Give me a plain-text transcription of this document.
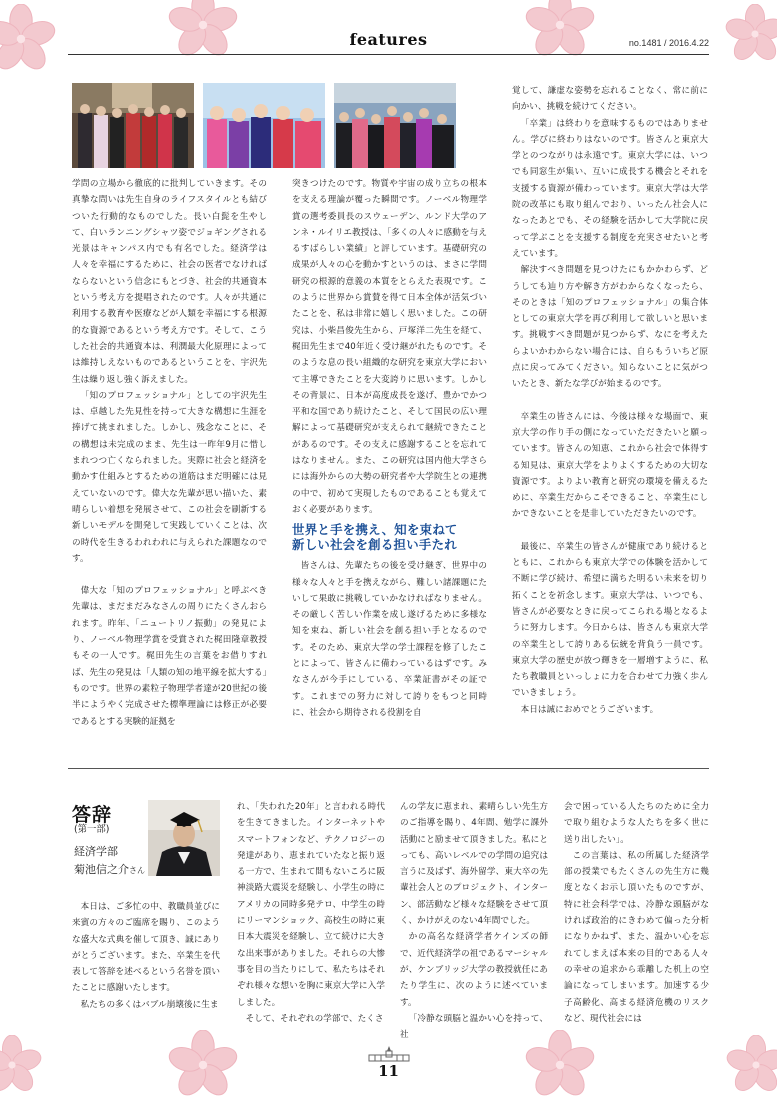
features	no.1481 / 2016.4.22

学問の立場から徹底的に批判していきます。その真摯な問いは先生自身のライフスタイルとも結びついた行動的なものでした。長い白髭を生やして、白いランニングシャツ姿でジョギングされる光景はキャンパス内でも有名でした。経済学は人々を幸福にするために、社会の医者でなければならないという信念にもとづき、社会的共通資本という考え方を提唱されたのです。人々が共通に利用する教育や医療などが人類を幸福にする根源的な資源であるという考え方です。そして、こうした社会的共通資本は、利潤最大化原理によっては維持しえないものであるということを、宇沢先生は繰り返し強く訴えました。

「知のプロフェッショナル」としての宇沢先生は、卓越した先見性を持って大きな構想に生涯を捧げて挑まれました。しかし、残念なことに、その構想は未完成のまま、先生は一昨年9月に惜しまれつつ亡くなられました。実際に社会と経済を動かす仕組みとするための道筋はまだ明確には見えていないのです。偉大な先輩が思い描いた、素晴らしい着想を発展させて、この社会を刷新する新しいモデルを開発して実践していくことは、次の時代を生きるわれわれに与えられた課題なのです。

偉大な「知のプロフェッショナル」と呼ぶべき先輩は、まだまだみなさんの周りにたくさんおられます。昨年、「ニュートリノ振動」の発見により、ノーベル物理学賞を受賞された梶田隆章教授もその一人です。梶田先生の言葉をお借りすれば、先生の発見は「人類の知の地平線を拡大する」ものです。世界の素粒子物理学者達が20世紀の後半にようやく完成させた標準理論には修正が必要であるとする実験的証拠を

突きつけたのです。物質や宇宙の成り立ちの根本を支える理論が覆った瞬間です。ノーベル物理学賞の選考委員長のスウェーデン、ルンド大学のアンネ・ルイリエ教授は、「多くの人々に感動を与えるすばらしい業績」と評しています。基礎研究の成果が人々の心を動かすというのは、まさに学問研究の根源的意義の本質をとらえた表現です。このように世界から賞賛を得て日本全体が活気づいたことを、私は非常に嬉しく思いました。この研究は、小柴昌俊先生から、戸塚洋二先生を経て、梶田先生まで40年近く受け継がれたものです。そのような息の長い組織的な研究を東京大学において主導できたことを大変誇りに思います。しかしその背景に、日本が高度成長を遂げ、豊かでかつ平和な国であり続けたこと、そして国民の広い理解によって基礎研究が支えられて継続できたことがあるのです。その支えに感謝することを忘れてはなりません。また、この研究は国内他大学さらには海外からの大勢の研究者や大学院生との連携の中で、初めて実現したものであることも覚えておく必要があります。

世界と手を携え、知を束ねて
新しい社会を創る担い手たれ

皆さんは、先輩たちの後を受け継ぎ、世界中の様々な人々と手を携えながら、難しい諸課題にたいして果敢に挑戦していかなければなりません。その厳しく苦しい作業を成し遂げるために多様な知を束ね、新しい社会を創る担い手となるのです。そのため、東京大学の学士課程を修了したことによって、皆さんに備わっているはずです。みなさんが今手にしている、卒業証書がその証です。これまでの努力に対して誇りをもつと同時に、社会から期待される役割を自

覚して、謙虚な姿勢を忘れることなく、常に前に向かい、挑戦を続けてください。

「卒業」は終わりを意味するものではありません。学びに終わりはないのです。皆さんと東京大学とのつながりは永遠です。東京大学には、いつでも同窓生が集い、互いに成長する機会とそれを支援する資源が備わっています。東京大学は大学院の改革にも取り組んでおり、いったん社会人になったあとでも、その経験を活かして大学院に戻って学ぶことを支援する制度を充実させたいと考えています。

解決すべき問題を見つけたにもかかわらず、どうしても辿り方や解き方がわからなくなったら、そのときは「知のプロフェッショナル」の集合体としての東京大学を再び利用して欲しいと思います。挑戦すべき問題が見つからず、なにを考えたらよいかわからない場合には、自らもういちど原点に戻ってみてください。知らないことに気がついたとき、新たな学びが始まるのです。

卒業生の皆さんには、今後は様々な場面で、東京大学の作り手の側になっていただきたいと願っています。皆さんの知恵、これから社会で体得する知見は、東京大学をよりよくするための大切な資源です。よりよい教育と研究の環境を備えるために、卒業生だからこそできること、卒業生にしかできないことを是非していただきたいのです。

最後に、卒業生の皆さんが健康であり続けるとともに、これからも東京大学での体験を活かして不断に学び続け、希望に満ちた明るい未来を切り拓くことを祈念します。東京大学は、いつでも、皆さんが必要なときに戻ってこられる場となるように努力します。今日からは、皆さんも東京大学の卒業生として誇りある伝統を背負う一員です。東京大学の歴史が放つ輝きを一層増すように、私たち教職員といっしょに力を合わせて力強く歩んでいきましょう。

本日は誠におめでとうございます。

答辞
(第一部)
経済学部
菊池信之介さん

本日は、ご多忙の中、教職員並びに来賓の方々のご臨席を賜り、このような盛大な式典を催して頂き、誠にありがとうございます。また、卒業生を代表して答辞を述べるという名誉を頂いたことに感謝いたします。

私たちの多くはバブル崩壊後に生ま

れ、「失われた20年」と言われる時代を生きてきました。インターネットやスマートフォンなど、テクノロジーの発達があり、恵まれていたなと振り返る一方で、生まれて間もないころに阪神淡路大震災を経験し、小学生の時にアメリカの同時多発テロ、中学生の時にリーマンショック、高校生の時に東日本大震災を経験し、立て続けに大きな出来事がありました。それらの大惨事を目の当たりにして、私たちはそれぞれ様々な想いを胸に東京大学に入学しました。

そして、それぞれの学部で、たくさ

んの学友に恵まれ、素晴らしい先生方のご指導を賜り、4年間、勉学に課外活動にと励ませて頂きました。私にとっても、高いレベルでの学問の追究は言うに及ばず、海外留学、東大卒の先輩社会人とのプロジェクト、インターン、部活動など様々な経験をさせて頂く、かけがえのない4年間でした。

かの高名な経済学者ケインズの師で、近代経済学の祖であるマーシャルが、ケンブリッジ大学の教授就任にあたり学生に、次のように述べています。

「冷静な頭脳と温かい心を持って、社

会で困っている人たちのために全力で取り組むような人たちを多く世に送り出したい」。

この言葉は、私の所属した経済学部の授業でもたくさんの先生方に幾度となくお示し頂いたものですが、特に社会科学では、冷静な頭脳がなければ政治的にきわめて偏った分析になりかねず、また、温かい心を忘れてしまえば本来の目的である人々の幸せの追求から乖離した机上の空論になってしまいます。加速する少子高齢化、高まる経済危機のリスクなど、現代社会には

11
